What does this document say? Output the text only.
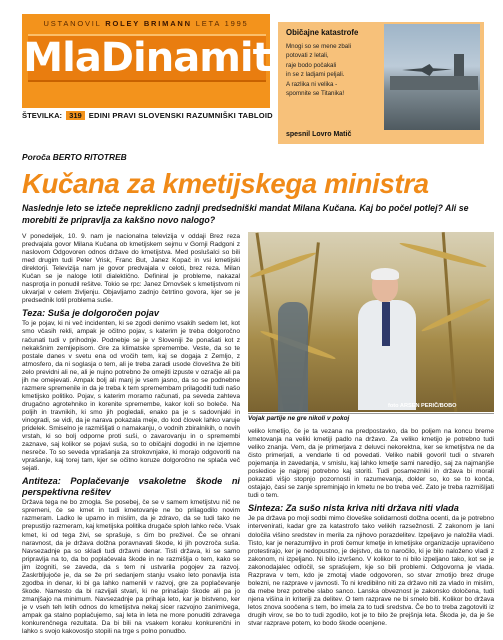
USTANOVIL ROLEY BRIMANN LETA 1995
MlaDinamit
ŠTEVILKA: 319 EDINI PRAVI SLOVENSKI RAZUMNIŠKI TABLOID
Običajne katastrofe
Mnogi so se mene zbali
potovati z letali,
raje bodo počakali
in se z ladjami peljali.
A razlika ni velika -
spomnite se Titanika!
spesnil Lovro Matič
Poroča BERTO RITOTREB
Kučana za kmetijskega ministra
Naslednje leto se izteče nepreklicno zadnji predsedniški mandat Milana Kučana. Kaj bo počel potlej? Ali se morebiti že pripravlja za kakšno novo nalogo?

V ponedeljek, 10. 9. nam je nacionalna televizija v oddaji Brez reza predvajala govor Milana Kučana ob kmetijskem sejmu v Gornji Radgoni z naslovom Odgovoren odnos države do kmetijstva. Med poslušalci so bili med drugim tudi Peter Vrisk, Franc But, Janez Kopač in vsi kmetijski direktorji. Televizija nam je govor predvajala v celoti, brez reza. Milan Kučan se je naloge lotil dialektično. Definiral je probleme, nakazal nasprotja in ponudil rešitve. Tokio se rpc: Janez Drnovšek s kmetijstvom ni ukvarjal v celem življenju. Objavljamo zadnjo četrtino govora, kjer se je predsednik lotil problema suše.

Teza: Suša je dolgoročen pojav

To je pojav, ki ni več incidenten, ki se zgodi denimo vsakih sedem let, kot smo včasih rekli, ampak je očitno pojav, s katerim je treba dolgoročno računati tudi v prihodnje. Podnebje se je v Sloveniji že ponašati kot z nekakšnim zemljepisom. Gre za klimatske spremembe. Veste, da so te postale danes v svetu ena od vročih tem, kaj se dogaja z Zemljo, z atmosfero, da ni soglasja o tem, ali je treba zaradi usode človeštva že biti zelo previdni ali ne, ali je nujno potrebno že omejiti izpuste v ozračje ali pa jih ne omejevati. Ampak bolj ali manj je vsem jasno, da so se podnebne razmere spremenile in da je treba k tem spremembam prilagoditi tudi našo kmetijsko politiko. Pojav, s katerim moramo računati, pa seveda zahteva drugačno agrotehniko in korenite spremembe, kakor koli so boleče. Na poljih in travnikih, ki smo jih pogledali, enako pa je s sadovnjaki in vinogradi, se vidi, da je narava pokazala meje, do kod človek lahko varuje pridelek. Smiselno je razmišljati o namakanju, o vodnih zbiralnikih, o novih vrstah, ki so bolj odporne proti suši, o zavarovanju in o spremembi zaznave, saj kolikor se pojavi suša, so to običajni dogodki in ne izjemne nesreče. To so seveda vprašanja za strokovnjake, ki morajo odgovoriti na vprašanje, kaj torej tam, kjer se očitno koruze dolgoročno ne splača več sejati.

Antiteza: Poplačevanje vsakoletne škode ni perspektivna rešitev

Država tega ne bo zmogla. Se posebej, če se v samem kmetijstvu nič ne spremeni, če se kmet in tudi kmetovanje ne bo prilagodilo novim razmeram. Ladko le upamo in mislim, da je zdravo, da se tudi tako ne prepustijo razmeram, kaj kmetijska politika drugače sploh lahko reče. Vsak kmet, ki od tega živi, se sprašuje, s čim bo preživel. Če se ohrani naravnost, da je država dolžna poravnavati škode, ki jih povzroča suša. Navsezadnje pa so skladi tudi državni denar. Tisti država, ki se samo pripravlja na to, da bo poplačevala škode in ne razmišlja o tem, kako se jim izogniti, se zaveda, da s tem ni ustvarila pogojev za razvoj. Zaskrbljujoče je, da se že pri sedanjem stanju vsako leto ponavlja ista zgodba in denar, ki bi ga lahko namenili v razvoj, gre za poplačevanje škode. Namesto da bi razvijali stvari, ki ne prinašajo škode ali pa jo zmanjšajo na minimum. Navsezadnje pa prihaja leto, kar je bistveno, ker je v vseh teh letih odnos do kmetijstva nekaj sicer razvojno zanimivega, ampak ga stalno poplačujemo, saj leta in leta ne more ponuditi zdravega konkurenčnega rezultata. Da bi bili na vsakem koraku konkurenčni in lahko s svojo kakovostjo stopili na trge s polno ponudbo.

foto ARSEN PERIČ/BOBO
Vojak partije ne gre nikoli v pokoj

veliko kmetijo, če je ta vezana na predpostavko, da bo poljem na koncu breme kmetovanja na veliki kmetiji padlo na državo. Za veliko kmetijo je potrebno tudi veliko znanja. Vem, da je primerjava z deluvci nekorektna, ker se kmetijstva ne da čisto primerjati, a vendarle ti od povedati. Veliko nabili govoril tudi o stvareh pojemanja in zavedanja, v smislu, kaj lahko kmetje sami naredijo, saj za najmanjše posledice je najprej potrebno kaj storiti. Tudi posamezniki in država bi morali pokazati višjo stopnjo pozornosti in razumevanja, dokler so, ko se to konča, ostajajo, časi se zanje spreminjajo in kmetu ne bo treba več. Zato je treba razmišljati tudi o tem.

Sinteza: Za sušo nista kriva niti država niti vlada

Je pa država po moji sodbi mimo človeške solidarnosti dolžna ocenti, da je potrebno intervenirati, kadar gre za katastrofo tako velikih razsežnosti. Z zakonom je lani določila višino sredstev in merila za njihovo porazdelitev. Izpeljavo je naložila vladi. Tisto, kar je nerazumljivo in proti čemur kmetje in kmetijske organizacije upravičeno protestirajo, ker je nedopustno, je dejstvo, da to naročilo, ki je bilo naloženo vladi z zakonom, ni izpeljano. Ni bilo izvršeno. V kolikor to ni bilo izpeljano tako, kot se je zakonodajalec odločil, se sprašujem, kje so bili problemi. Odgovorna je vlada. Razprava v tem, kdo je zmotaj vlade odgovoren, so stvar zmotijo brez druge bolezni, ne razprave v javnosti. To ni kredibilno niti za državo niti za vlado in mislim, da mebe brez potrebe slabo sanco. Lanska obveznost je zakonsko določena, tudi njena višina in kriteriji za delitev. O tem razprave ne bi smelo biti. Kolikor bo država letos znova soočena s tem, bo imela za to tudi sredstva. Če bo to treba zagotoviti iz drugih virov, se bo to tudi zgodilo, kot je to bilo že prejšnja leta. Škoda je, da je še stvar razprave potem, ko bodo škode ocenjene.
